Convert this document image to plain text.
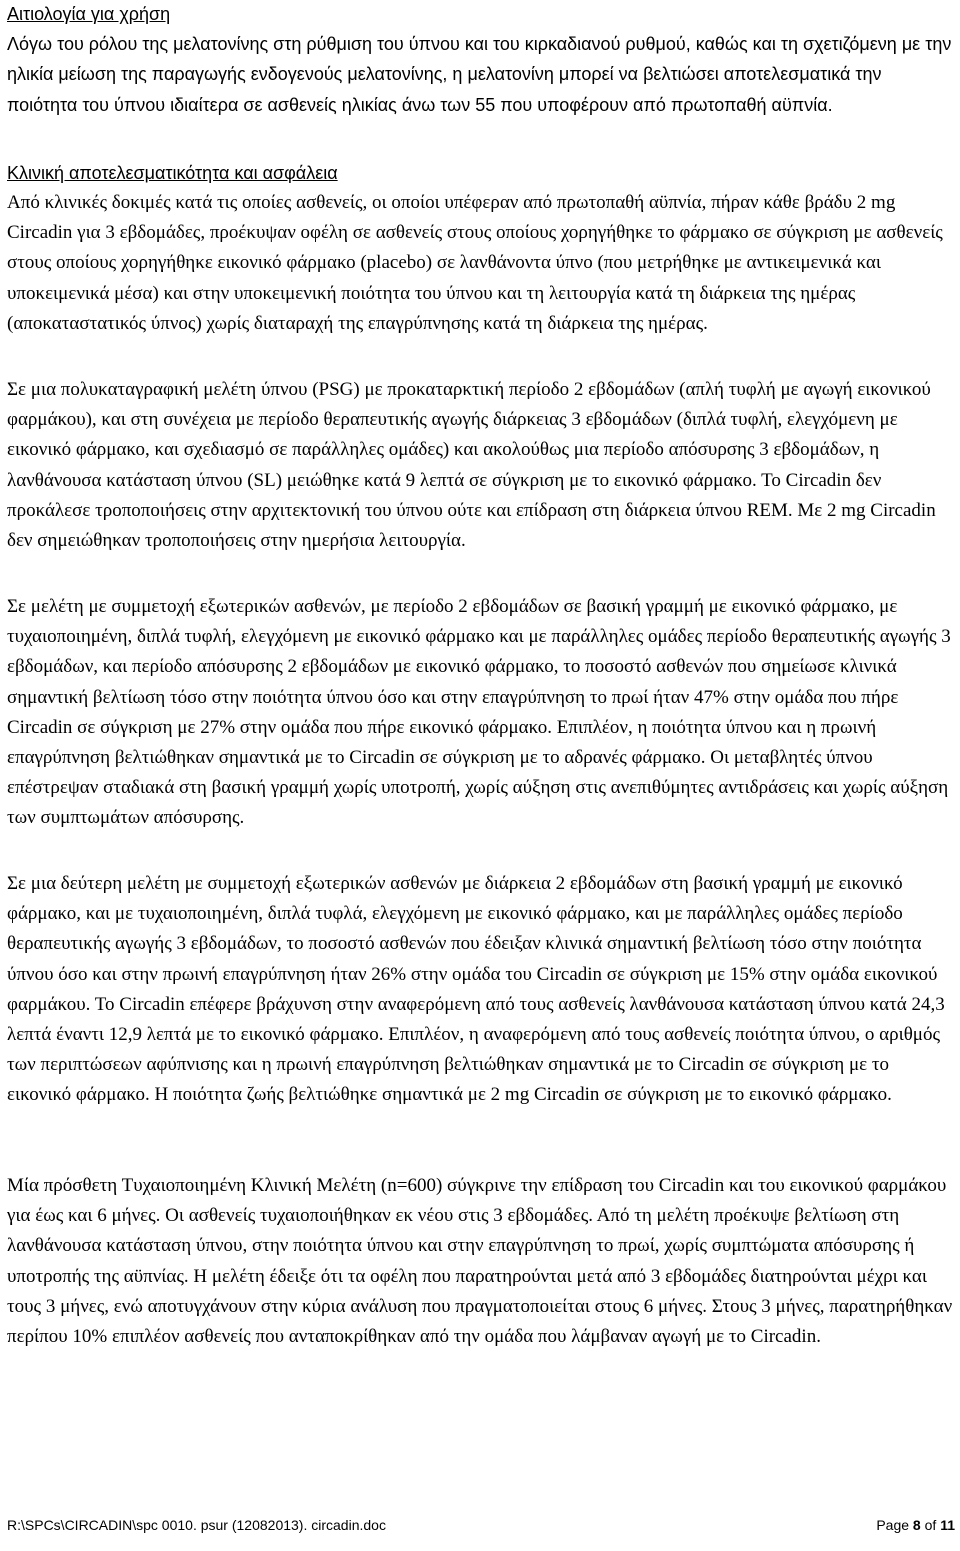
Αιτιολογία για χρήση

Λόγω του ρόλου της μελατονίνης στη ρύθμιση του ύπνου και του κιρκαδιανού ρυθμού, καθώς και τη σχετιζόμενη με την ηλικία μείωση της παραγωγής ενδογενούς μελατονίνης, η μελατονίνη μπορεί να βελτιώσει αποτελεσματικά την ποιότητα του ύπνου ιδιαίτερα σε ασθενείς ηλικίας άνω των 55 που υποφέρουν από πρωτοπαθή αϋπνία.

Κλινική αποτελεσματικότητα και ασφάλεια

Από κλινικές δοκιμές κατά τις οποίες ασθενείς, οι οποίοι υπέφεραν από πρωτοπαθή αϋπνία, πήραν κάθε βράδυ 2 mg Circadin για 3 εβδομάδες, προέκυψαν οφέλη σε ασθενείς στους οποίους χορηγήθηκε το φάρμακο σε σύγκριση με ασθενείς στους οποίους χορηγήθηκε εικονικό φάρμακο (placebo) σε λανθάνοντα ύπνο (που μετρήθηκε με αντικειμενικά και υποκειμενικά μέσα) και στην υποκειμενική ποιότητα του ύπνου και τη λειτουργία κατά τη διάρκεια της ημέρας (αποκαταστατικός ύπνος) χωρίς διαταραχή της επαγρύπνησης κατά τη διάρκεια της ημέρας.

Σε μια πολυκαταγραφική μελέτη ύπνου (PSG) με προκαταρκτική περίοδο 2 εβδομάδων (απλή τυφλή με αγωγή εικονικού φαρμάκου), και στη συνέχεια με περίοδο θεραπευτικής αγωγής διάρκειας 3 εβδομάδων (διπλά τυφλή, ελεγχόμενη με εικονικό φάρμακο, και σχεδιασμό σε παράλληλες ομάδες) και ακολούθως μια περίοδο απόσυρσης 3 εβδομάδων, η λανθάνουσα κατάσταση ύπνου (SL) μειώθηκε κατά 9 λεπτά σε σύγκριση με το εικονικό φάρμακο. Το Circadin δεν προκάλεσε τροποποιήσεις στην αρχιτεκτονική του ύπνου ούτε και επίδραση στη διάρκεια ύπνου REM. Με 2 mg Circadin δεν σημειώθηκαν τροποποιήσεις στην ημερήσια λειτουργία.

Σε μελέτη με συμμετοχή εξωτερικών ασθενών, με περίοδο 2 εβδομάδων σε βασική γραμμή με εικονικό φάρμακο, με τυχαιοποιημένη, διπλά τυφλή, ελεγχόμενη με εικονικό φάρμακο και με παράλληλες ομάδες περίοδο θεραπευτικής αγωγής 3 εβδομάδων, και περίοδο απόσυρσης 2 εβδομάδων με εικονικό φάρμακο, το ποσοστό ασθενών που σημείωσε κλινικά σημαντική βελτίωση τόσο στην ποιότητα ύπνου όσο και στην επαγρύπνηση το πρωί ήταν 47% στην ομάδα που πήρε Circadin σε σύγκριση με 27% στην ομάδα που πήρε εικονικό φάρμακο. Επιπλέον, η ποιότητα ύπνου και η πρωινή επαγρύπνηση βελτιώθηκαν σημαντικά με το Circadin σε σύγκριση με το αδρανές φάρμακο. Οι μεταβλητές ύπνου επέστρεψαν σταδιακά στη βασική γραμμή χωρίς υποτροπή, χωρίς αύξηση στις ανεπιθύμητες αντιδράσεις και χωρίς αύξηση των συμπτωμάτων απόσυρσης.

Σε μια δεύτερη μελέτη με συμμετοχή εξωτερικών ασθενών με διάρκεια 2 εβδομάδων στη βασική γραμμή με εικονικό φάρμακο, και με τυχαιοποιημένη, διπλά τυφλά, ελεγχόμενη με εικονικό φάρμακο, και με παράλληλες ομάδες περίοδο θεραπευτικής αγωγής 3 εβδομάδων, το ποσοστό ασθενών που έδειξαν κλινικά σημαντική βελτίωση τόσο στην ποιότητα ύπνου όσο και στην πρωινή επαγρύπνηση ήταν 26% στην ομάδα του Circadin σε σύγκριση με 15% στην ομάδα εικονικού φαρμάκου. Το Circadin επέφερε βράχυνση στην αναφερόμενη από τους ασθενείς λανθάνουσα κατάσταση ύπνου κατά 24,3 λεπτά έναντι 12,9 λεπτά με το εικονικό φάρμακο. Επιπλέον, η αναφερόμενη από τους ασθενείς ποιότητα ύπνου, ο αριθμός των περιπτώσεων αφύπνισης και η πρωινή επαγρύπνηση βελτιώθηκαν σημαντικά με το Circadin σε σύγκριση με το εικονικό φάρμακο. Η ποιότητα ζωής βελτιώθηκε σημαντικά με 2 mg Circadin σε σύγκριση με το εικονικό φάρμακο.

Μία πρόσθετη Τυχαιοποιημένη Κλινική Μελέτη (n=600) σύγκρινε την επίδραση του Circadin και του εικονικού φαρμάκου για έως και 6 μήνες. Οι ασθενείς τυχαιοποιήθηκαν εκ νέου στις 3 εβδομάδες. Από τη μελέτη προέκυψε βελτίωση στη λανθάνουσα κατάσταση ύπνου, στην ποιότητα ύπνου και στην επαγρύπνηση το πρωί, χωρίς συμπτώματα απόσυρσης ή υποτροπής της αϋπνίας. Η μελέτη έδειξε ότι τα οφέλη που παρατηρούνται μετά από 3 εβδομάδες διατηρούνται μέχρι και τους 3 μήνες, ενώ αποτυγχάνουν στην κύρια ανάλυση που πραγματοποιείται στους 6 μήνες. Στους 3 μήνες, παρατηρήθηκαν περίπου 10% επιπλέον ασθενείς που ανταποκρίθηκαν από την ομάδα που λάμβαναν αγωγή με το Circadin.

R:\SPCs\CIRCADIN\spc 0010. psur (12082013). circadin.doc	Page 8 of 11
